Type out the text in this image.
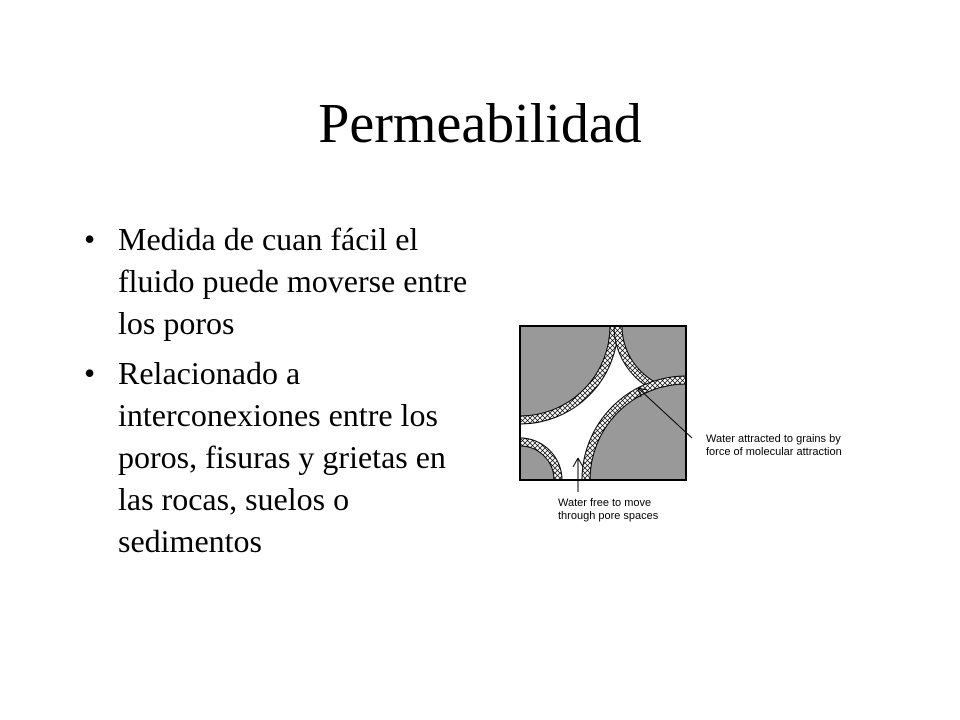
Permeabilidad
• Medida de cuan fácil el fluido puede moverse entre los poros
• Relacionado a interconexiones entre los poros, fisuras y grietas en las rocas, suelos o sedimentos
Water attracted to grains by
force of molecular attraction
Water free to move
through pore spaces
